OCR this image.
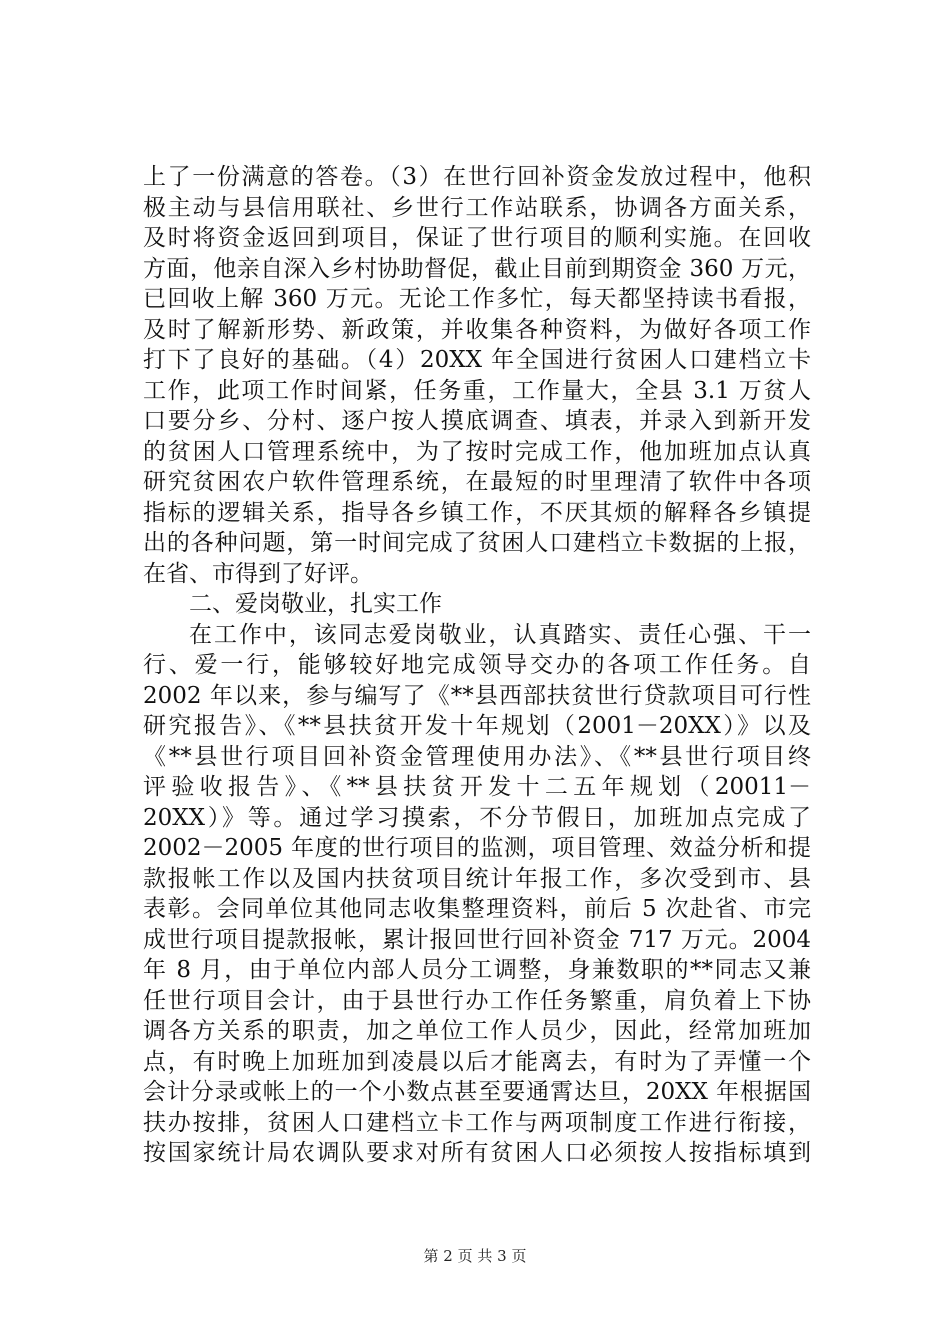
上了一份满意的答卷。（3）在世行回补资金发放过程中，他积
极主动与县信用联社、乡世行工作站联系，协调各方面关系，
及时将资金返回到项目，保证了世行项目的顺利实施。在回收
方面，他亲自深入乡村协助督促，截止目前到期资金 360 万元，
已回收上解 360 万元。无论工作多忙，每天都坚持读书看报，
及时了解新形势、新政策，并收集各种资料，为做好各项工作
打下了良好的基础。（4）20XX 年全国进行贫困人口建档立卡
工作，此项工作时间紧，任务重，工作量大，全县 3.1 万贫人
口要分乡、分村、逐户按人摸底调查、填表，并录入到新开发
的贫困人口管理系统中，为了按时完成工作，他加班加点认真
研究贫困农户软件管理系统，在最短的时里理清了软件中各项
指标的逻辑关系，指导各乡镇工作，不厌其烦的解释各乡镇提
出的各种问题，第一时间完成了贫困人口建档立卡数据的上报，
在省、市得到了好评。
二、爱岗敬业，扎实工作
在工作中，该同志爱岗敬业，认真踏实、责任心强、干一
行、爱一行，能够较好地完成领导交办的各项工作任务。自
2002 年以来，参与编写了《**县西部扶贫世行贷款项目可行性
研究报告》、《**县扶贫开发十年规划（2001－20XX）》以及
《**县世行项目回补资金管理使用办法》、《**县世行项目终
评验收报告》、《**县扶贫开发十二五年规划（20011－
20XX）》等。通过学习摸索，不分节假日，加班加点完成了
2002－2005 年度的世行项目的监测，项目管理、效益分析和提
款报帐工作以及国内扶贫项目统计年报工作，多次受到市、县
表彰。会同单位其他同志收集整理资料，前后 5 次赴省、市完
成世行项目提款报帐，累计报回世行回补资金 717 万元。2004
年 8 月，由于单位内部人员分工调整，身兼数职的**同志又兼
任世行项目会计，由于县世行办工作任务繁重，肩负着上下协
调各方关系的职责，加之单位工作人员少，因此，经常加班加
点，有时晚上加班加到凌晨以后才能离去，有时为了弄懂一个
会计分录或帐上的一个小数点甚至要通霄达旦，20XX 年根据国
扶办按排，贫困人口建档立卡工作与两项制度工作进行衔接，
按国家统计局农调队要求对所有贫困人口必须按人按指标填到
第 2 页 共 3 页
